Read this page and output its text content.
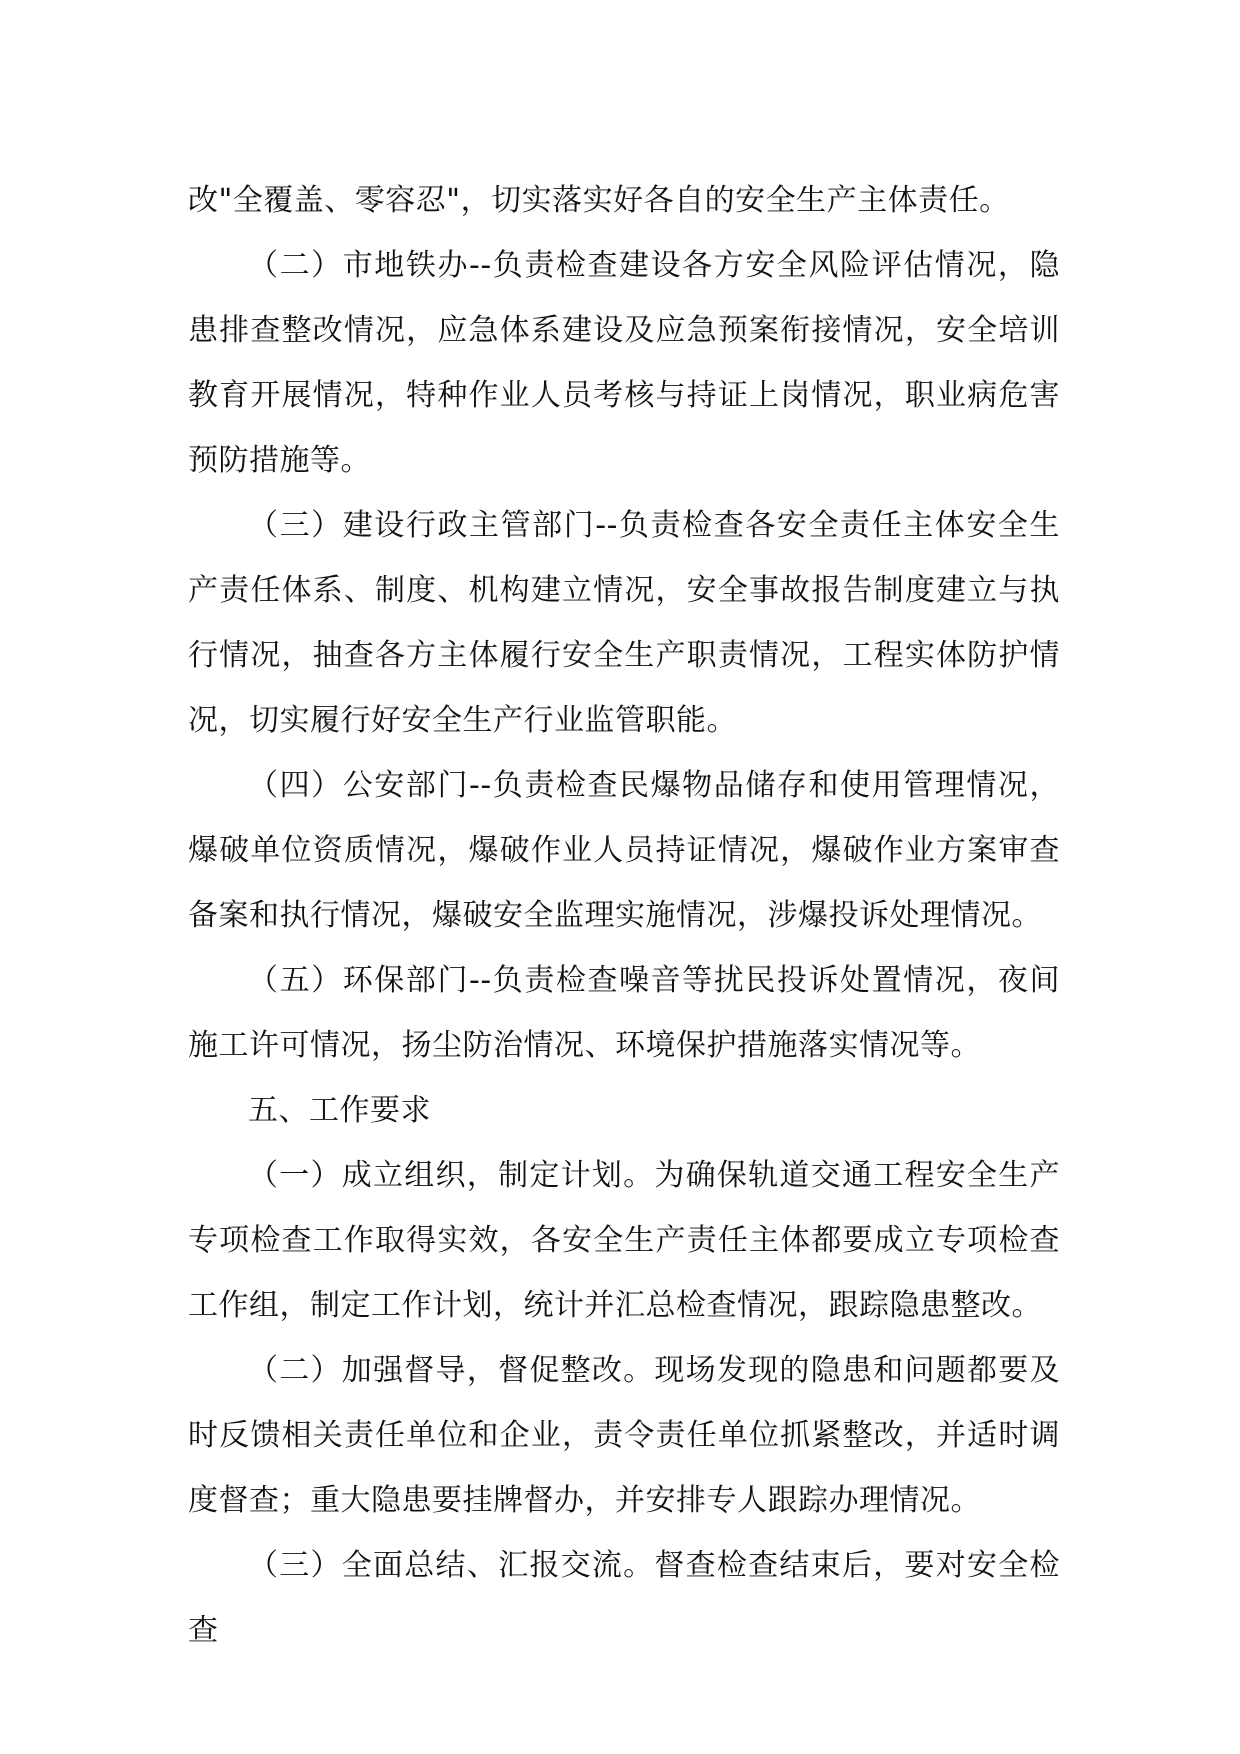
改"全覆盖、零容忍"，切实落实好各自的安全生产主体责任。

（二）市地铁办--负责检查建设各方安全风险评估情况，隐患排查整改情况，应急体系建设及应急预案衔接情况，安全培训教育开展情况，特种作业人员考核与持证上岗情况，职业病危害预防措施等。

（三）建设行政主管部门--负责检查各安全责任主体安全生产责任体系、制度、机构建立情况，安全事故报告制度建立与执行情况，抽查各方主体履行安全生产职责情况，工程实体防护情况，切实履行好安全生产行业监管职能。

（四）公安部门--负责检查民爆物品储存和使用管理情况，爆破单位资质情况，爆破作业人员持证情况，爆破作业方案审查备案和执行情况，爆破安全监理实施情况，涉爆投诉处理情况。

（五）环保部门--负责检查噪音等扰民投诉处置情况，夜间施工许可情况，扬尘防治情况、环境保护措施落实情况等。

五、工作要求

（一）成立组织，制定计划。为确保轨道交通工程安全生产专项检查工作取得实效，各安全生产责任主体都要成立专项检查工作组，制定工作计划，统计并汇总检查情况，跟踪隐患整改。

（二）加强督导，督促整改。现场发现的隐患和问题都要及时反馈相关责任单位和企业，责令责任单位抓紧整改，并适时调度督查；重大隐患要挂牌督办，并安排专人跟踪办理情况。

（三）全面总结、汇报交流。督查检查结束后，要对安全检查
